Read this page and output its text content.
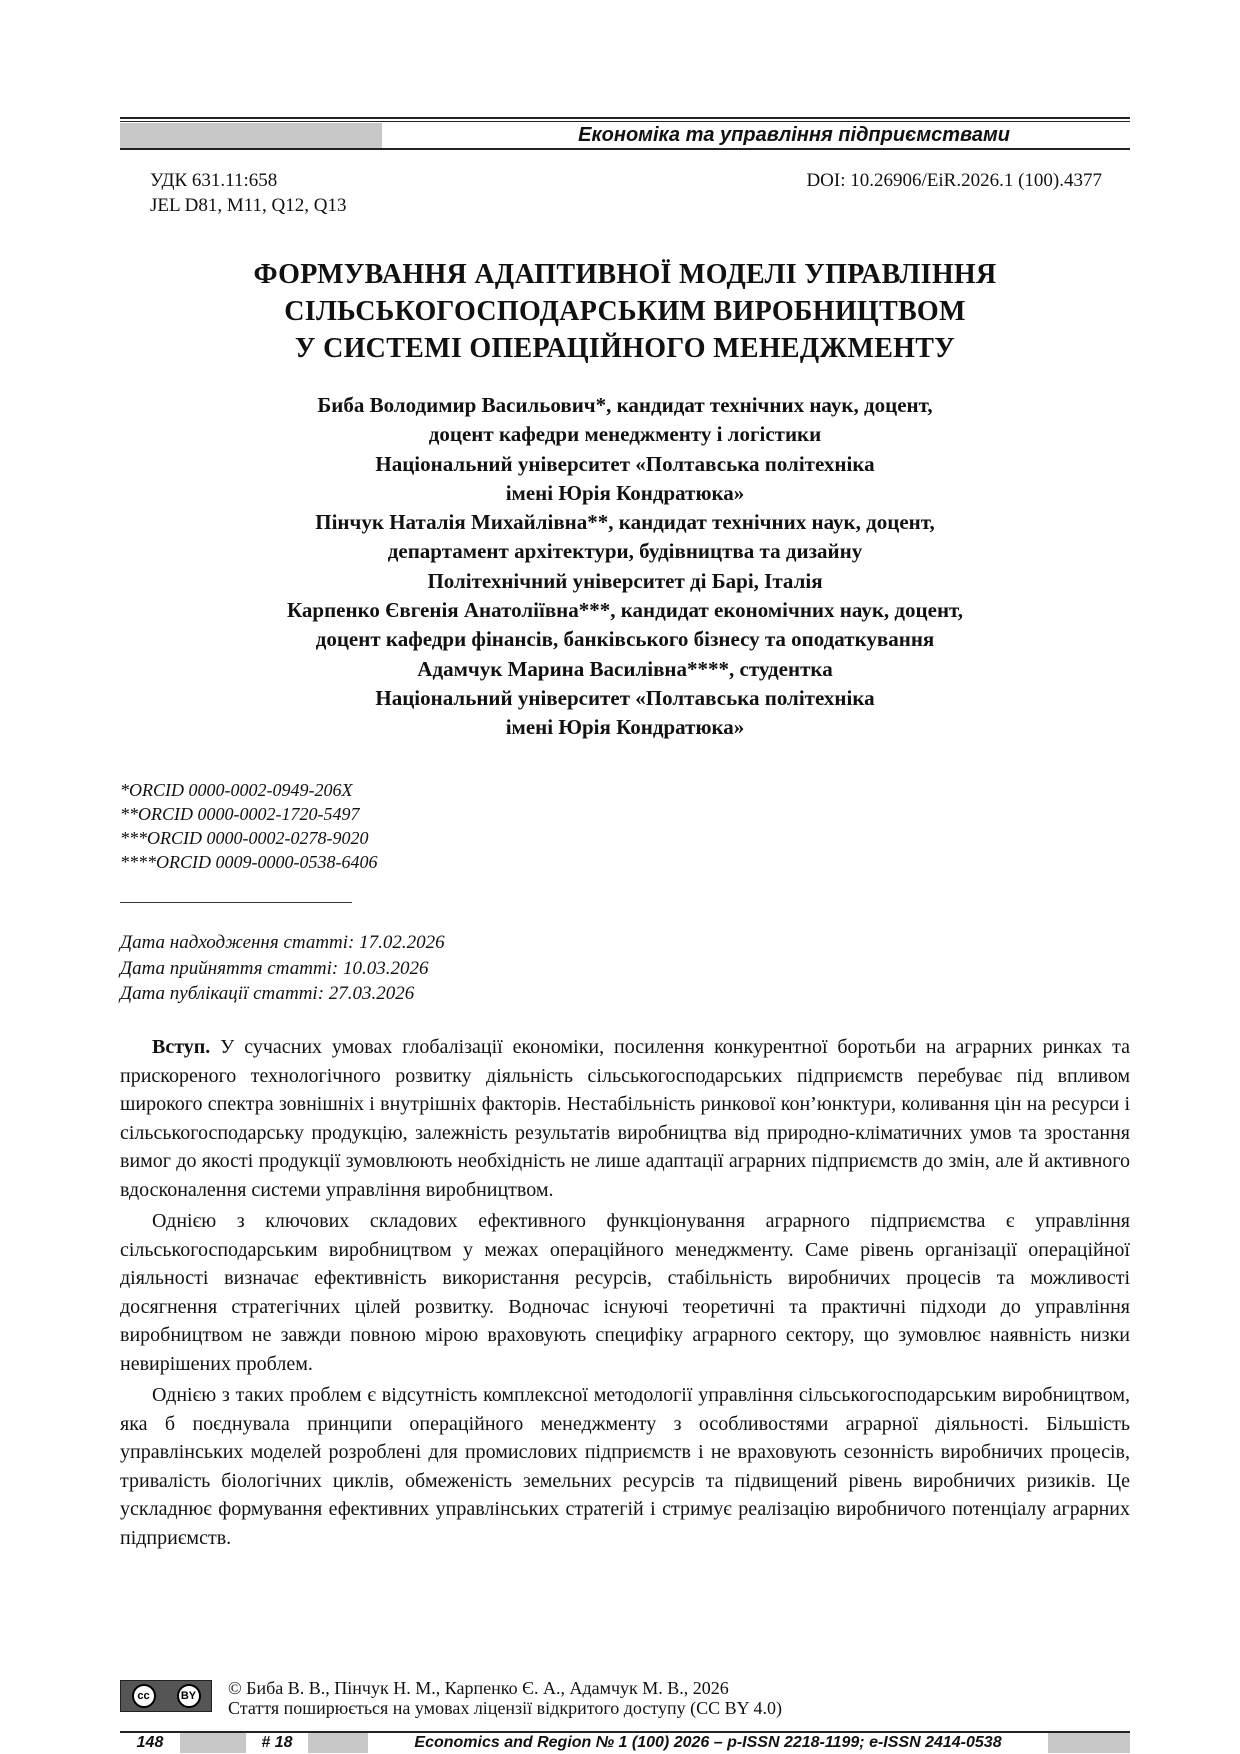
Економіка та управління підприємствами
УДК 631.11:658
JEL D81, M11, Q12, Q13
DOI: 10.26906/EiR.2026.1 (100).4377
ФОРМУВАННЯ АДАПТИВНОЇ МОДЕЛІ УПРАВЛІННЯ
СІЛЬСЬКОГОСПОДАРСЬКИМ ВИРОБНИЦТВОМ
У СИСТЕМІ ОПЕРАЦІЙНОГО МЕНЕДЖМЕНТУ
Биба Володимир Васильович*, кандидат технічних наук, доцент,
доцент кафедри менеджменту і логістики
Національний університет «Полтавська політехніка
імені Юрія Кондратюка»
Пінчук Наталія Михайлівна**, кандидат технічних наук, доцент,
департамент архітектури, будівництва та дизайну
Політехнічний університет ді Барі, Італія
Карпенко Євгенія Анатоліївна***, кандидат економічних наук, доцент,
доцент кафедри фінансів, банківського бізнесу та оподаткування
Адамчук Марина Василівна****, студентка
Національний університет «Полтавська політехніка
імені Юрія Кондратюка»
*ORCID 0000-0002-0949-206X
**ORCID 0000-0002-1720-5497
***ORCID 0000-0002-0278-9020
****ORCID 0009-0000-0538-6406
Дата надходження статті: 17.02.2026
Дата прийняття статті: 10.03.2026
Дата публікації статті: 27.03.2026

Вступ. У сучасних умовах глобалізації економіки, посилення конкурентної боротьби на аграрних ринках та прискореного технологічного розвитку діяльність сільськогосподарських підприємств перебуває під впливом широкого спектра зовнішніх і внутрішніх факторів. Нестабільність ринкової кон’юнктури, коливання цін на ресурси і сільськогосподарську продукцію, залежність результатів виробництва від природно-кліматичних умов та зростання вимог до якості продукції зумовлюють необхідність не лише адаптації аграрних підприємств до змін, але й активного вдосконалення системи управління виробництвом.

Однією з ключових складових ефективного функціонування аграрного підприємства є управління сільськогосподарським виробництвом у межах операційного менеджменту. Саме рівень організації операційної діяльності визначає ефективність використання ресурсів, стабільність виробничих процесів та можливості досягнення стратегічних цілей розвитку. Водночас існуючі теоретичні та практичні підходи до управління виробництвом не завжди повною мірою враховують специфіку аграрного сектору, що зумовлює наявність низки невирішених проблем.

Однією з таких проблем є відсутність комплексної методології управління сільськогосподарським виробництвом, яка б поєднувала принципи операційного менеджменту з особливостями аграрної діяльності. Більшість управлінських моделей розроблені для промислових підприємств і не враховують сезонність виробничих процесів, тривалість біологічних циклів, обмеженість земельних ресурсів та підвищений рівень виробничих ризиків. Це ускладнює формування ефективних управлінських стратегій і стримує реалізацію виробничого потенціалу аграрних підприємств.

cc	BY © Биба В. В., Пінчук Н. М., Карпенко Є. А., Адамчук М. В., 2026
Стаття поширюється на умовах ліцензії відкритого доступу (CC BY 4.0)
148	# 18	Economics and Region № 1 (100) 2026 – p-ISSN 2218-1199; e-ISSN 2414-0538
